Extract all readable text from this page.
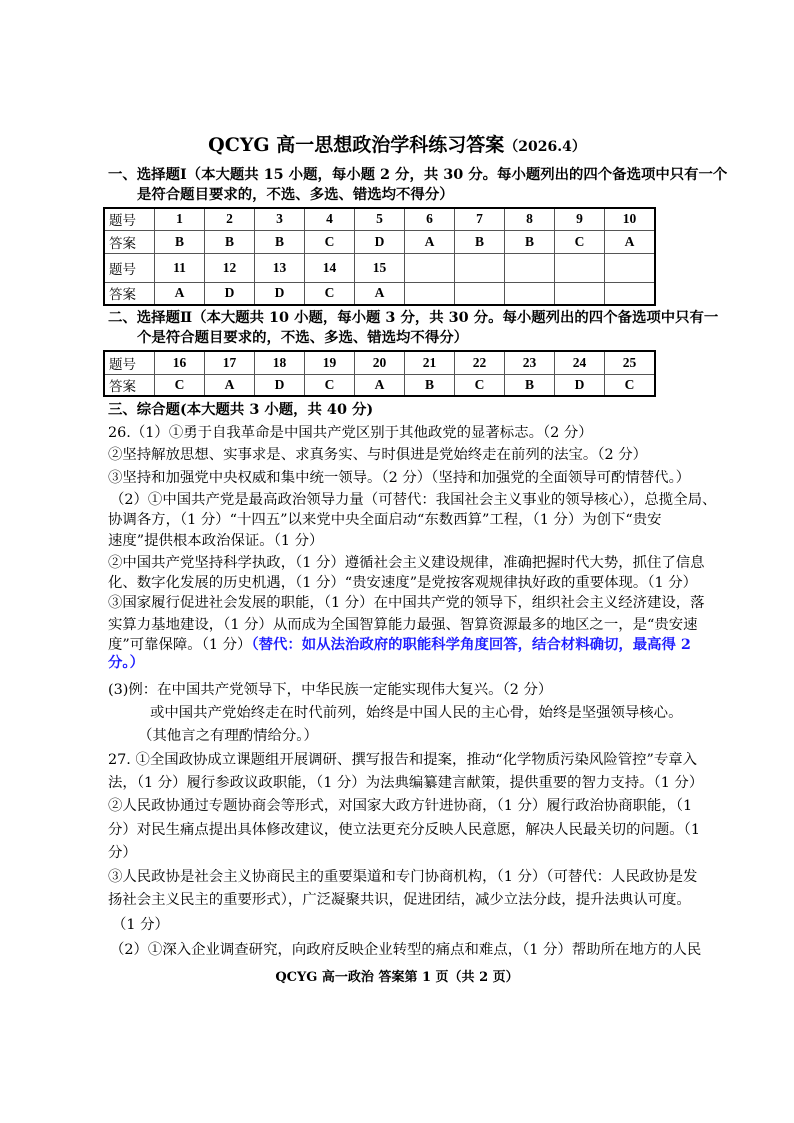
QCYG 高一思想政治学科练习答案（2026.4）
一、选择题Ⅰ（本大题共 15 小题，每小题 2 分，共 30 分。每小题列出的四个备选项中只有一个
是符合题目要求的，不选、多选、错选均不得分）
题号	1	2	3	4	5	6	7	8	9	10
答案	B	B	B	C	D	A	B	B	C	A
题号	11	12	13	14	15					
答案	A	D	D	C	A					
二、选择题Ⅱ（本大题共 10 小题，每小题 3 分，共 30 分。每小题列出的四个备选项中只有一
个是符合题目要求的，不选、多选、错选均不得分）
题号	16	17	18	19	20	21	22	23	24	25
答案	C	A	D	C	A	B	C	B	D	C
三、综合题(本大题共 3 小题，共 40 分)
26.（1）①勇于自我革命是中国共产党区别于其他政党的显著标志。（2 分）
②坚持解放思想、实事求是、求真务实、与时俱进是党始终走在前列的法宝。（2 分）
③坚持和加强党中央权威和集中统一领导。（2 分）（坚持和加强党的全面领导可酌情替代。）
（2）①中国共产党是最高政治领导力量（可替代：我国社会主义事业的领导核心），总揽全局、
协调各方，（1 分）“十四五”以来党中央全面启动“东数西算”工程，（1 分）为创下“贵安
速度”提供根本政治保证。（1 分）
②中国共产党坚持科学执政，（1 分）遵循社会主义建设规律，准确把握时代大势，抓住了信息
化、数字化发展的历史机遇，（1 分）“贵安速度”是党按客观规律执好政的重要体现。（1 分）
③国家履行促进社会发展的职能，（1 分）在中国共产党的领导下，组织社会主义经济建设，落
实算力基地建设，（1 分）从而成为全国智算能力最强、智算资源最多的地区之一，是“贵安速
度”可靠保障。（1 分）（替代：如从法治政府的职能科学角度回答，结合材料确切，最高得 2
分。）
(3)例：在中国共产党领导下，中华民族一定能实现伟大复兴。（2 分）
或中国共产党始终走在时代前列，始终是中国人民的主心骨，始终是坚强领导核心。
（其他言之有理酌情给分。）
27. ①全国政协成立课题组开展调研、撰写报告和提案，推动“化学物质污染风险管控”专章入
法，（1 分）履行参政议政职能，（1 分）为法典编纂建言献策，提供重要的智力支持。（1 分）
②人民政协通过专题协商会等形式，对国家大政方针进协商，（1 分）履行政治协商职能，（1
分）对民生痛点提出具体修改建议，使立法更充分反映人民意愿，解决人民最关切的问题。（1
分）
③人民政协是社会主义协商民主的重要渠道和专门协商机构，（1 分）（可替代：人民政协是发
扬社会主义民主的重要形式），广泛凝聚共识，促进团结，减少立法分歧，提升法典认可度。
（1 分）
（2）①深入企业调查研究，向政府反映企业转型的痛点和难点，（1 分）帮助所在地方的人民
QCYG 高一政治 答案第 1 页（共 2 页）
